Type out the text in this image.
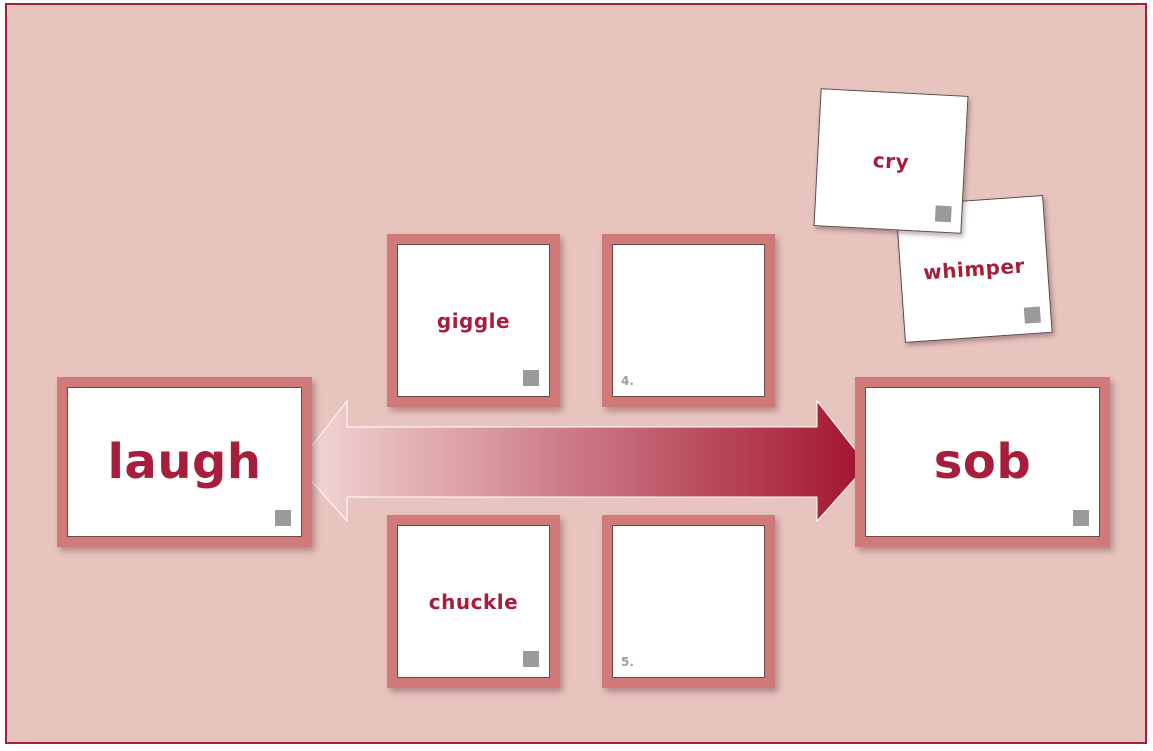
laugh	sob
giggle
4.
chuckle
5.
whimper
cry
